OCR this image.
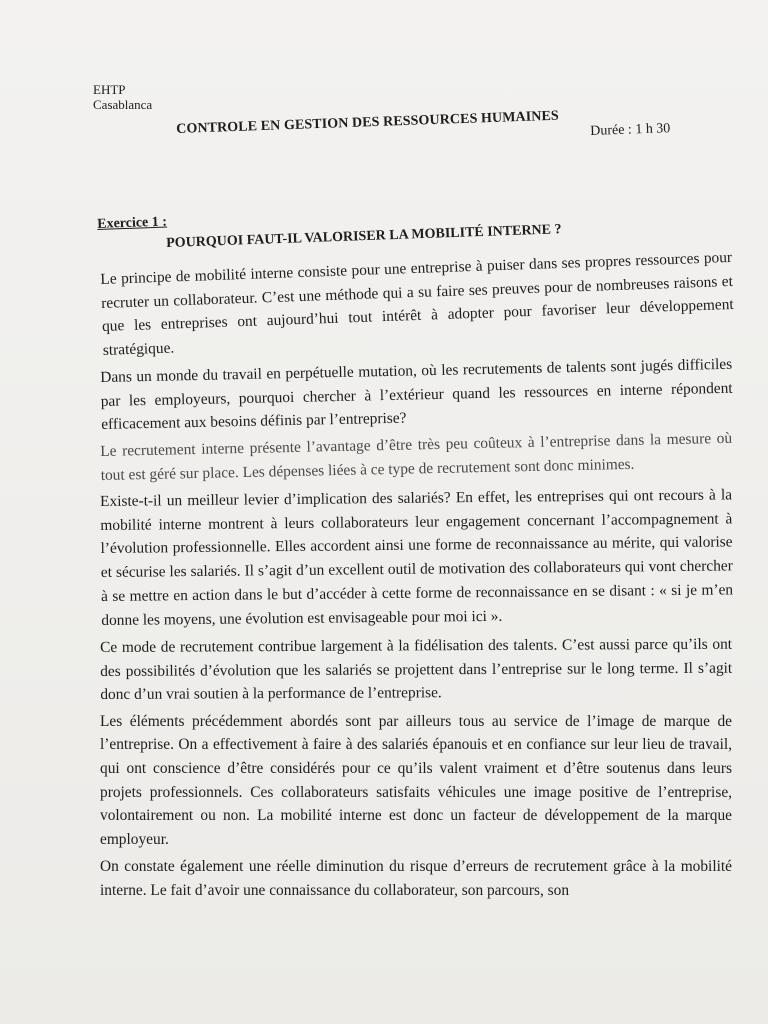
EHTP
Casablanca
CONTROLE EN GESTION DES RESSOURCES HUMAINES	Durée : 1 h 30
Exercice 1 :
POURQUOI FAUT-IL VALORISER LA MOBILITÉ INTERNE ?

Le principe de mobilité interne consiste pour une entreprise à puiser dans ses propres ressources pour recruter un collaborateur. C’est une méthode qui a su faire ses preuves pour de nombreuses raisons et que les entreprises ont aujourd’hui tout intérêt à adopter pour favoriser leur développement stratégique.

Dans un monde du travail en perpétuelle mutation, où les recrutements de talents sont jugés difficiles par les employeurs, pourquoi chercher à l’extérieur quand les ressources en interne répondent efficacement aux besoins définis par l’entreprise?

Le recrutement interne présente l’avantage d’être très peu coûteux à l’entreprise dans la mesure où tout est géré sur place. Les dépenses liées à ce type de recrutement sont donc minimes.

Existe-t-il un meilleur levier d’implication des salariés? En effet, les entreprises qui ont recours à la mobilité interne montrent à leurs collaborateurs leur engagement concernant l’accompagnement à l’évolution professionnelle. Elles accordent ainsi une forme de reconnaissance au mérite, qui valorise et sécurise les salariés. Il s’agit d’un excellent outil de motivation des collaborateurs qui vont chercher à se mettre en action dans le but d’accéder à cette forme de reconnaissance en se disant : « si je m’en donne les moyens, une évolution est envisageable pour moi ici ».

Ce mode de recrutement contribue largement à la fidélisation des talents. C’est aussi parce qu’ils ont des possibilités d’évolution que les salariés se projettent dans l’entreprise sur le long terme. Il s’agit donc d’un vrai soutien à la performance de l’entreprise.

Les éléments précédemment abordés sont par ailleurs tous au service de l’image de marque de l’entreprise. On a effectivement à faire à des salariés épanouis et en confiance sur leur lieu de travail, qui ont conscience d’être considérés pour ce qu’ils valent vraiment et d’être soutenus dans leurs projets professionnels. Ces collaborateurs satisfaits véhicules une image positive de l’entreprise, volontairement ou non. La mobilité interne est donc un facteur de développement de la marque employeur.

On constate également une réelle diminution du risque d’erreurs de recrutement grâce à la mobilité interne. Le fait d’avoir une connaissance du collaborateur, son parcours, son
